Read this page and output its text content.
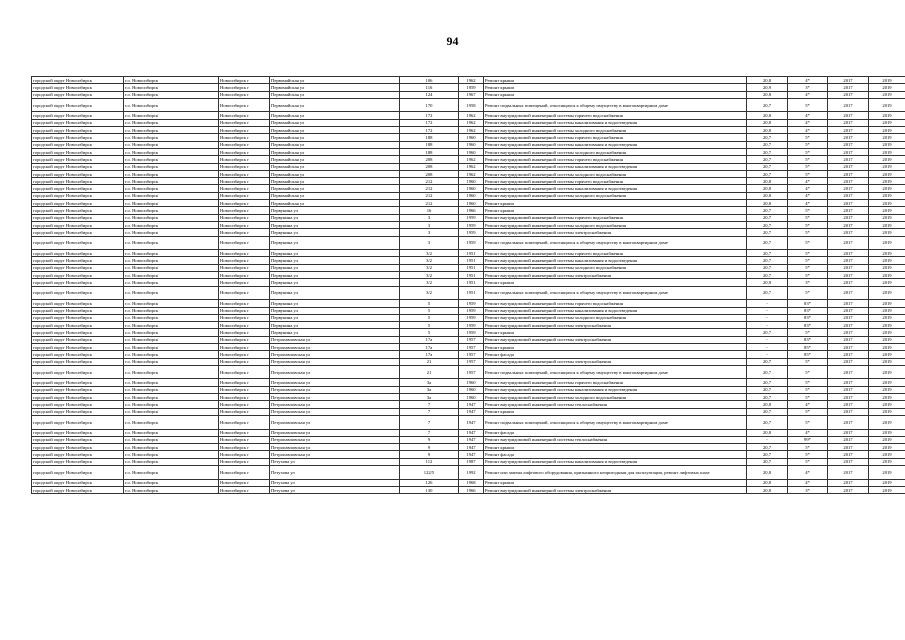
94
городской округ Новосибирск	г.о. Новосибирск	Новосибирск г	Первомайская ул	106	1962	Ремонт крыши	20,8	4*	2017	2019
городской округ Новосибирск	г.о. Новосибирск	Новосибирск г	Первомайская ул	116	1959	Ремонт крыши	20,9	3*	2017	2019
городской округ Новосибирск	г.о. Новосибирск	Новосибирск г	Первомайская ул	124	1967	Ремонт крыши	20,8	4*	2017	2019
городской округ Новосибирск	г.о. Новосибирск	Новосибирск г	Первомайская ул	170	1958	Ремонт подвальных помещений, относящихся к общему имуществу в многоквартирном доме	20,7	5*	2017	2019
городской округ Новосибирск	г.о. Новосибирск	Новосибирск г	Первомайская ул	172	1962	Ремонт внутридомовой инженерной системы горячего водоснабжения	20,8	4*	2017	2019
городской округ Новосибирск	г.о. Новосибирск	Новосибирск г	Первомайская ул	172	1962	Ремонт внутридомовой инженерной системы канализования и водоотведения	20,8	4*	2017	2019
городской округ Новосибирск	г.о. Новосибирск	Новосибирск г	Первомайская ул	172	1962	Ремонт внутридомовой инженерной системы холодного водоснабжения	20,8	4*	2017	2019
городской округ Новосибирск	г.о. Новосибирск	Новосибирск г	Первомайская ул	188	1960	Ремонт внутридомовой инженерной системы горячего водоснабжения	20,7	5*	2017	2019
городской округ Новосибирск	г.о. Новосибирск	Новосибирск г	Первомайская ул	188	1960	Ремонт внутридомовой инженерной системы канализования и водоотведения	20,7	5*	2017	2019
городской округ Новосибирск	г.о. Новосибирск	Новосибирск г	Первомайская ул	188	1960	Ремонт внутридомовой инженерной системы холодного водоснабжения	20,7	5*	2017	2019
городской округ Новосибирск	г.о. Новосибирск	Новосибирск г	Первомайская ул	208	1962	Ремонт внутридомовой инженерной системы горячего водоснабжения	20,7	5*	2017	2019
городской округ Новосибирск	г.о. Новосибирск	Новосибирск г	Первомайская ул	208	1962	Ремонт внутридомовой инженерной системы канализования и водоотведения	20,7	5*	2017	2019
городской округ Новосибирск	г.о. Новосибирск	Новосибирск г	Первомайская ул	208	1962	Ремонт внутридомовой инженерной системы холодного водоснабжения	20,7	5*	2017	2019
городской округ Новосибирск	г.о. Новосибирск	Новосибирск г	Первомайская ул	212	1960	Ремонт внутридомовой инженерной системы горячего водоснабжения	20,8	4*	2017	2019
городской округ Новосибирск	г.о. Новосибирск	Новосибирск г	Первомайская ул	212	1960	Ремонт внутридомовой инженерной системы канализования и водоотведения	20,8	4*	2017	2019
городской округ Новосибирск	г.о. Новосибирск	Новосибирск г	Первомайская ул	212	1960	Ремонт внутридомовой инженерной системы холодного водоснабжения	20,8	4*	2017	2019
городской округ Новосибирск	г.о. Новосибирск	Новосибирск г	Первомайская ул	212	1960	Ремонт крыши	20,8	4*	2017	2019
городской округ Новосибирск	г.о. Новосибирск	Новосибирск г	Первунина ул	16	1966	Ремонт крыши	20,7	5*	2017	2019
городской округ Новосибирск	г.о. Новосибирск	Новосибирск г	Первунина ул	3	1959	Ремонт внутридомовой инженерной системы горячего водоснабжения	20,7	5*	2017	2019
городской округ Новосибирск	г.о. Новосибирск	Новосибирск г	Первунина ул	3	1959	Ремонт внутридомовой инженерной системы холодного водоснабжения	20,7	5*	2017	2019
городской округ Новосибирск	г.о. Новосибирск	Новосибирск г	Первунина ул	3	1959	Ремонт внутридомовой инженерной системы электроснабжения	20,7	5*	2017	2019
городской округ Новосибирск	г.о. Новосибирск	Новосибирск г	Первунина ул	3	1959	Ремонт подвальных помещений, относящихся к общему имуществу в многоквартирном доме	20,7	5*	2017	2019
городской округ Новосибирск	г.о. Новосибирск	Новосибирск г	Первунина ул	3/2	1951	Ремонт внутридомовой инженерной системы горячего водоснабжения	20,7	5*	2017	2019
городской округ Новосибирск	г.о. Новосибирск	Новосибирск г	Первунина ул	3/2	1951	Ремонт внутридомовой инженерной системы канализования и водоотведения	20,7	5*	2017	2019
городской округ Новосибирск	г.о. Новосибирск	Новосибирск г	Первунина ул	3/2	1951	Ремонт внутридомовой инженерной системы холодного водоснабжения	20,7	5*	2017	2019
городской округ Новосибирск	г.о. Новосибирск	Новосибирск г	Первунина ул	3/2	1951	Ремонт внутридомовой инженерной системы электроснабжения	20,7	5*	2017	2019
городской округ Новосибирск	г.о. Новосибирск	Новосибирск г	Первунина ул	3/2	1951	Ремонт крыши	20,9	3*	2017	2019
городской округ Новосибирск	г.о. Новосибирск	Новосибирск г	Первунина ул	3/2	1951	Ремонт подвальных помещений, относящихся к общему имуществу в многоквартирном доме	20,7	5*	2017	2019
городской округ Новосибирск	г.о. Новосибирск	Новосибирск г	Первунина ул	5	1959	Ремонт внутридомовой инженерной системы горячего водоснабжения	-	83*	2017	2019
городской округ Новосибирск	г.о. Новосибирск	Новосибирск г	Первунина ул	5	1959	Ремонт внутридомовой инженерной системы канализования и водоотведения	-	83*	2017	2019
городской округ Новосибирск	г.о. Новосибирск	Новосибирск г	Первунина ул	5	1959	Ремонт внутридомовой инженерной системы холодного водоснабжения	-	83*	2017	2019
городской округ Новосибирск	г.о. Новосибирск	Новосибирск г	Первунина ул	5	1959	Ремонт внутридомовой инженерной системы электроснабжения	-	83*	2017	2019
городской округ Новосибирск	г.о. Новосибирск	Новосибирск г	Первунина ул	5	1959	Ремонт крыши	20,7	5*	2017	2019
городской округ Новосибирск	г.о. Новосибирск	Новосибирск г	Петропавловская ул	17а	1957	Ремонт внутридомовой инженерной системы электроснабжения	-	83*	2017	2019
городской округ Новосибирск	г.о. Новосибирск	Новосибирск г	Петропавловская ул	17а	1957	Ремонт крыши	-	85*	2017	2019
городской округ Новосибирск	г.о. Новосибирск	Новосибирск г	Петропавловская ул	17а	1957	Ремонт фасада	-	85*	2017	2019
городской округ Новосибирск	г.о. Новосибирск	Новосибирск г	Петропавловская ул	21	1957	Ремонт внутридомовой инженерной системы электроснабжения	20,7	5*	2017	2019
городской округ Новосибирск	г.о. Новосибирск	Новосибирск г	Петропавловская ул	21	1957	Ремонт подвальных помещений, относящихся к общему имуществу в многоквартирном доме	20,7	5*	2017	2019
городской округ Новосибирск	г.о. Новосибирск	Новосибирск г	Петропавловская ул	3а	1960	Ремонт внутридомовой инженерной системы горячего водоснабжения	20,7	5*	2017	2019
городской округ Новосибирск	г.о. Новосибирск	Новосибирск г	Петропавловская ул	3а	1960	Ремонт внутридомовой инженерной системы канализования и водоотведения	20,7	5*	2017	2019
городской округ Новосибирск	г.о. Новосибирск	Новосибирск г	Петропавловская ул	3а	1960	Ремонт внутридомовой инженерной системы холодного водоснабжения	20,7	5*	2017	2019
городской округ Новосибирск	г.о. Новосибирск	Новосибирск г	Петропавловская ул	7	1947	Ремонт внутридомовой инженерной системы теплоснабжения	20,8	4*	2017	2019
городской округ Новосибирск	г.о. Новосибирск	Новосибирск г	Петропавловская ул	7	1947	Ремонт крыши	20,7	5*	2017	2019
городской округ Новосибирск	г.о. Новосибирск	Новосибирск г	Петропавловская ул	7	1947	Ремонт подвальных помещений, относящихся к общему имуществу в многоквартирном доме	20,7	5*	2017	2019
городской округ Новосибирск	г.о. Новосибирск	Новосибирск г	Петропавловская ул	7	1947	Ремонт фасада	20,8	4*	2017	2019
городской округ Новосибирск	г.о. Новосибирск	Новосибирск г	Петропавловская ул	9	1947	Ремонт внутридомовой инженерной системы теплоснабжения	-	99*	2017	2019
городской округ Новосибирск	г.о. Новосибирск	Новосибирск г	Петропавловская ул	9	1947	Ремонт крыши	20,7	5*	2017	2019
городской округ Новосибирск	г.о. Новосибирск	Новосибирск г	Петропавловская ул	9	1947	Ремонт фасада	20,7	5*	2017	2019
городской округ Новосибирск	г.о. Новосибирск	Новосибирск г	Петухова ул	112	1987	Ремонт внутридомовой инженерной системы канализования и водоотведения	20,7	5*	2017	2019
городской округ Новосибирск	г.о. Новосибирск	Новосибирск г	Петухова ул	122/5	1992	Ремонт или замена лифтового оборудования, признанного непригодным для эксплуатации, ремонт лифтовых шахт	20,8	4*	2017	2019
городской округ Новосибирск	г.о. Новосибирск	Новосибирск г	Петухова ул	126	1968	Ремонт крыши	20,8	4*	2017	2019
городской округ Новосибирск	г.о. Новосибирск	Новосибирск г	Петухова ул	130	1966	Ремонт внутридомовой инженерной системы электроснабжения	20,8	3*	2017	2019
